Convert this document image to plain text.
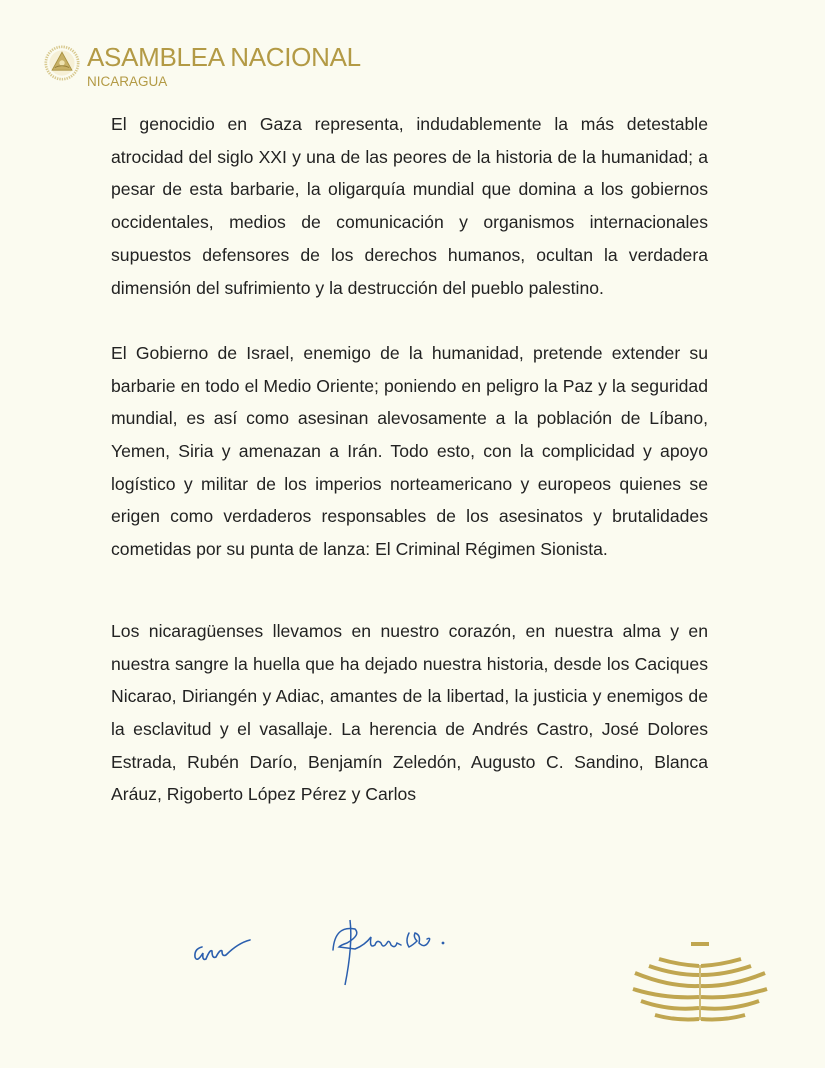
ASAMBLEA NACIONAL
NICARAGUA

El genocidio en Gaza representa, indudablemente la más detestable atrocidad del siglo XXI y una de las peores de la historia de la humanidad; a pesar de esta barbarie, la oligarquía mundial que domina a los gobiernos occidentales, medios de comunicación y organismos internacionales supuestos defensores de los derechos humanos, ocultan la verdadera dimensión del sufrimiento y la destrucción del pueblo palestino.

El Gobierno de Israel, enemigo de la humanidad, pretende extender su barbarie en todo el Medio Oriente; poniendo en peligro la Paz y la seguridad mundial, es así como asesinan alevosamente a la población de Líbano, Yemen, Siria y amenazan a Irán. Todo esto, con la complicidad y apoyo logístico y militar de los imperios norteamericano y europeos quienes se erigen como verdaderos responsables de los asesinatos y brutalidades cometidas por su punta de lanza: El Criminal Régimen Sionista.

Los nicaragüenses llevamos en nuestro corazón, en nuestra alma y en nuestra sangre la huella que ha dejado nuestra historia, desde los Caciques Nicarao, Diriangén y Adiac, amantes de la libertad, la justicia y enemigos de la esclavitud y el vasallaje. La herencia de Andrés Castro, José Dolores Estrada, Rubén Darío, Benjamín Zeledón, Augusto C. Sandino, Blanca Aráuz, Rigoberto López Pérez y Carlos
